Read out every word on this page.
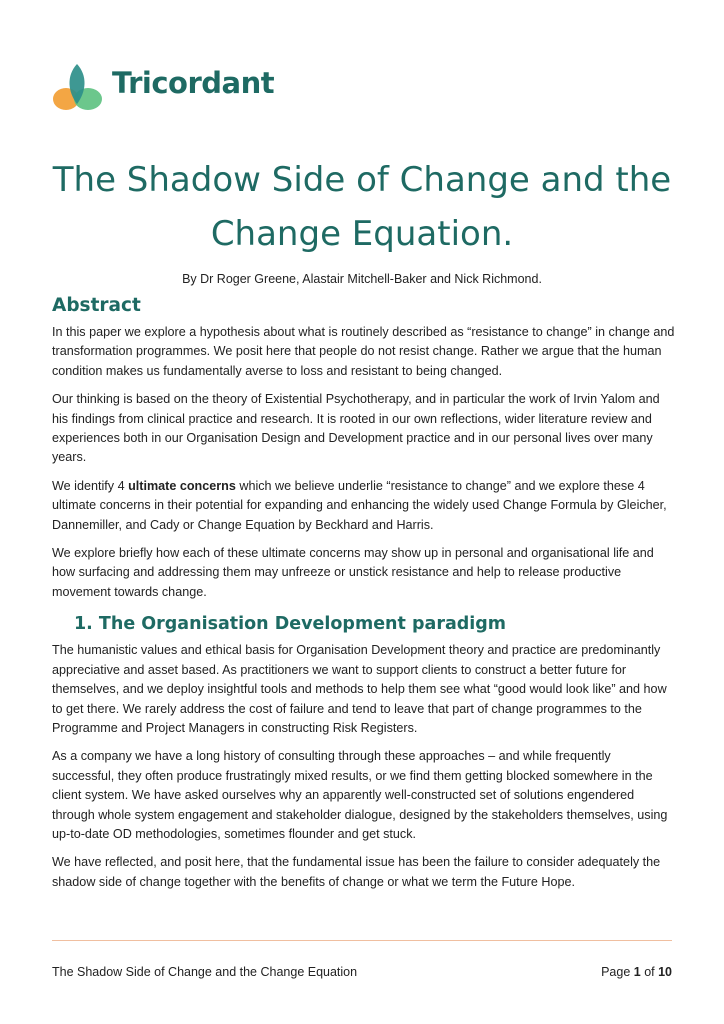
Tricordant
The Shadow Side of Change and the Change Equation.
By Dr Roger Greene, Alastair Mitchell-Baker and Nick Richmond.
Abstract

In this paper we explore a hypothesis about what is routinely described as “resistance to change” in change and transformation programmes. We posit here that people do not resist change. Rather we argue that the human condition makes us fundamentally averse to loss and resistant to being changed.

Our thinking is based on the theory of Existential Psychotherapy, and in particular the work of Irvin Yalom and his findings from clinical practice and research. It is rooted in our own reflections, wider literature review and experiences both in our Organisation Design and Development practice and in our personal lives over many years.

We identify 4 ultimate concerns which we believe underlie “resistance to change” and we explore these 4 ultimate concerns in their potential for expanding and enhancing the widely used Change Formula by Gleicher, Dannemiller, and Cady or Change Equation by Beckhard and Harris.

We explore briefly how each of these ultimate concerns may show up in personal and organisational life and how surfacing and addressing them may unfreeze or unstick resistance and help to release productive movement towards change.

1. The Organisation Development paradigm

The humanistic values and ethical basis for Organisation Development theory and practice are predominantly appreciative and asset based. As practitioners we want to support clients to construct a better future for themselves, and we deploy insightful tools and methods to help them see what “good would look like” and how to get there. We rarely address the cost of failure and tend to leave that part of change programmes to the Programme and Project Managers in constructing Risk Registers.

As a company we have a long history of consulting through these approaches – and while frequently successful, they often produce frustratingly mixed results, or we find them getting blocked somewhere in the client system. We have asked ourselves why an apparently well-constructed set of solutions engendered through whole system engagement and stakeholder dialogue, designed by the stakeholders themselves, using up-to-date OD methodologies, sometimes flounder and get stuck.

We have reflected, and posit here, that the fundamental issue has been the failure to consider adequately the shadow side of change together with the benefits of change or what we term the Future Hope.

The Shadow Side of Change and the Change Equation	Page 1 of 10
